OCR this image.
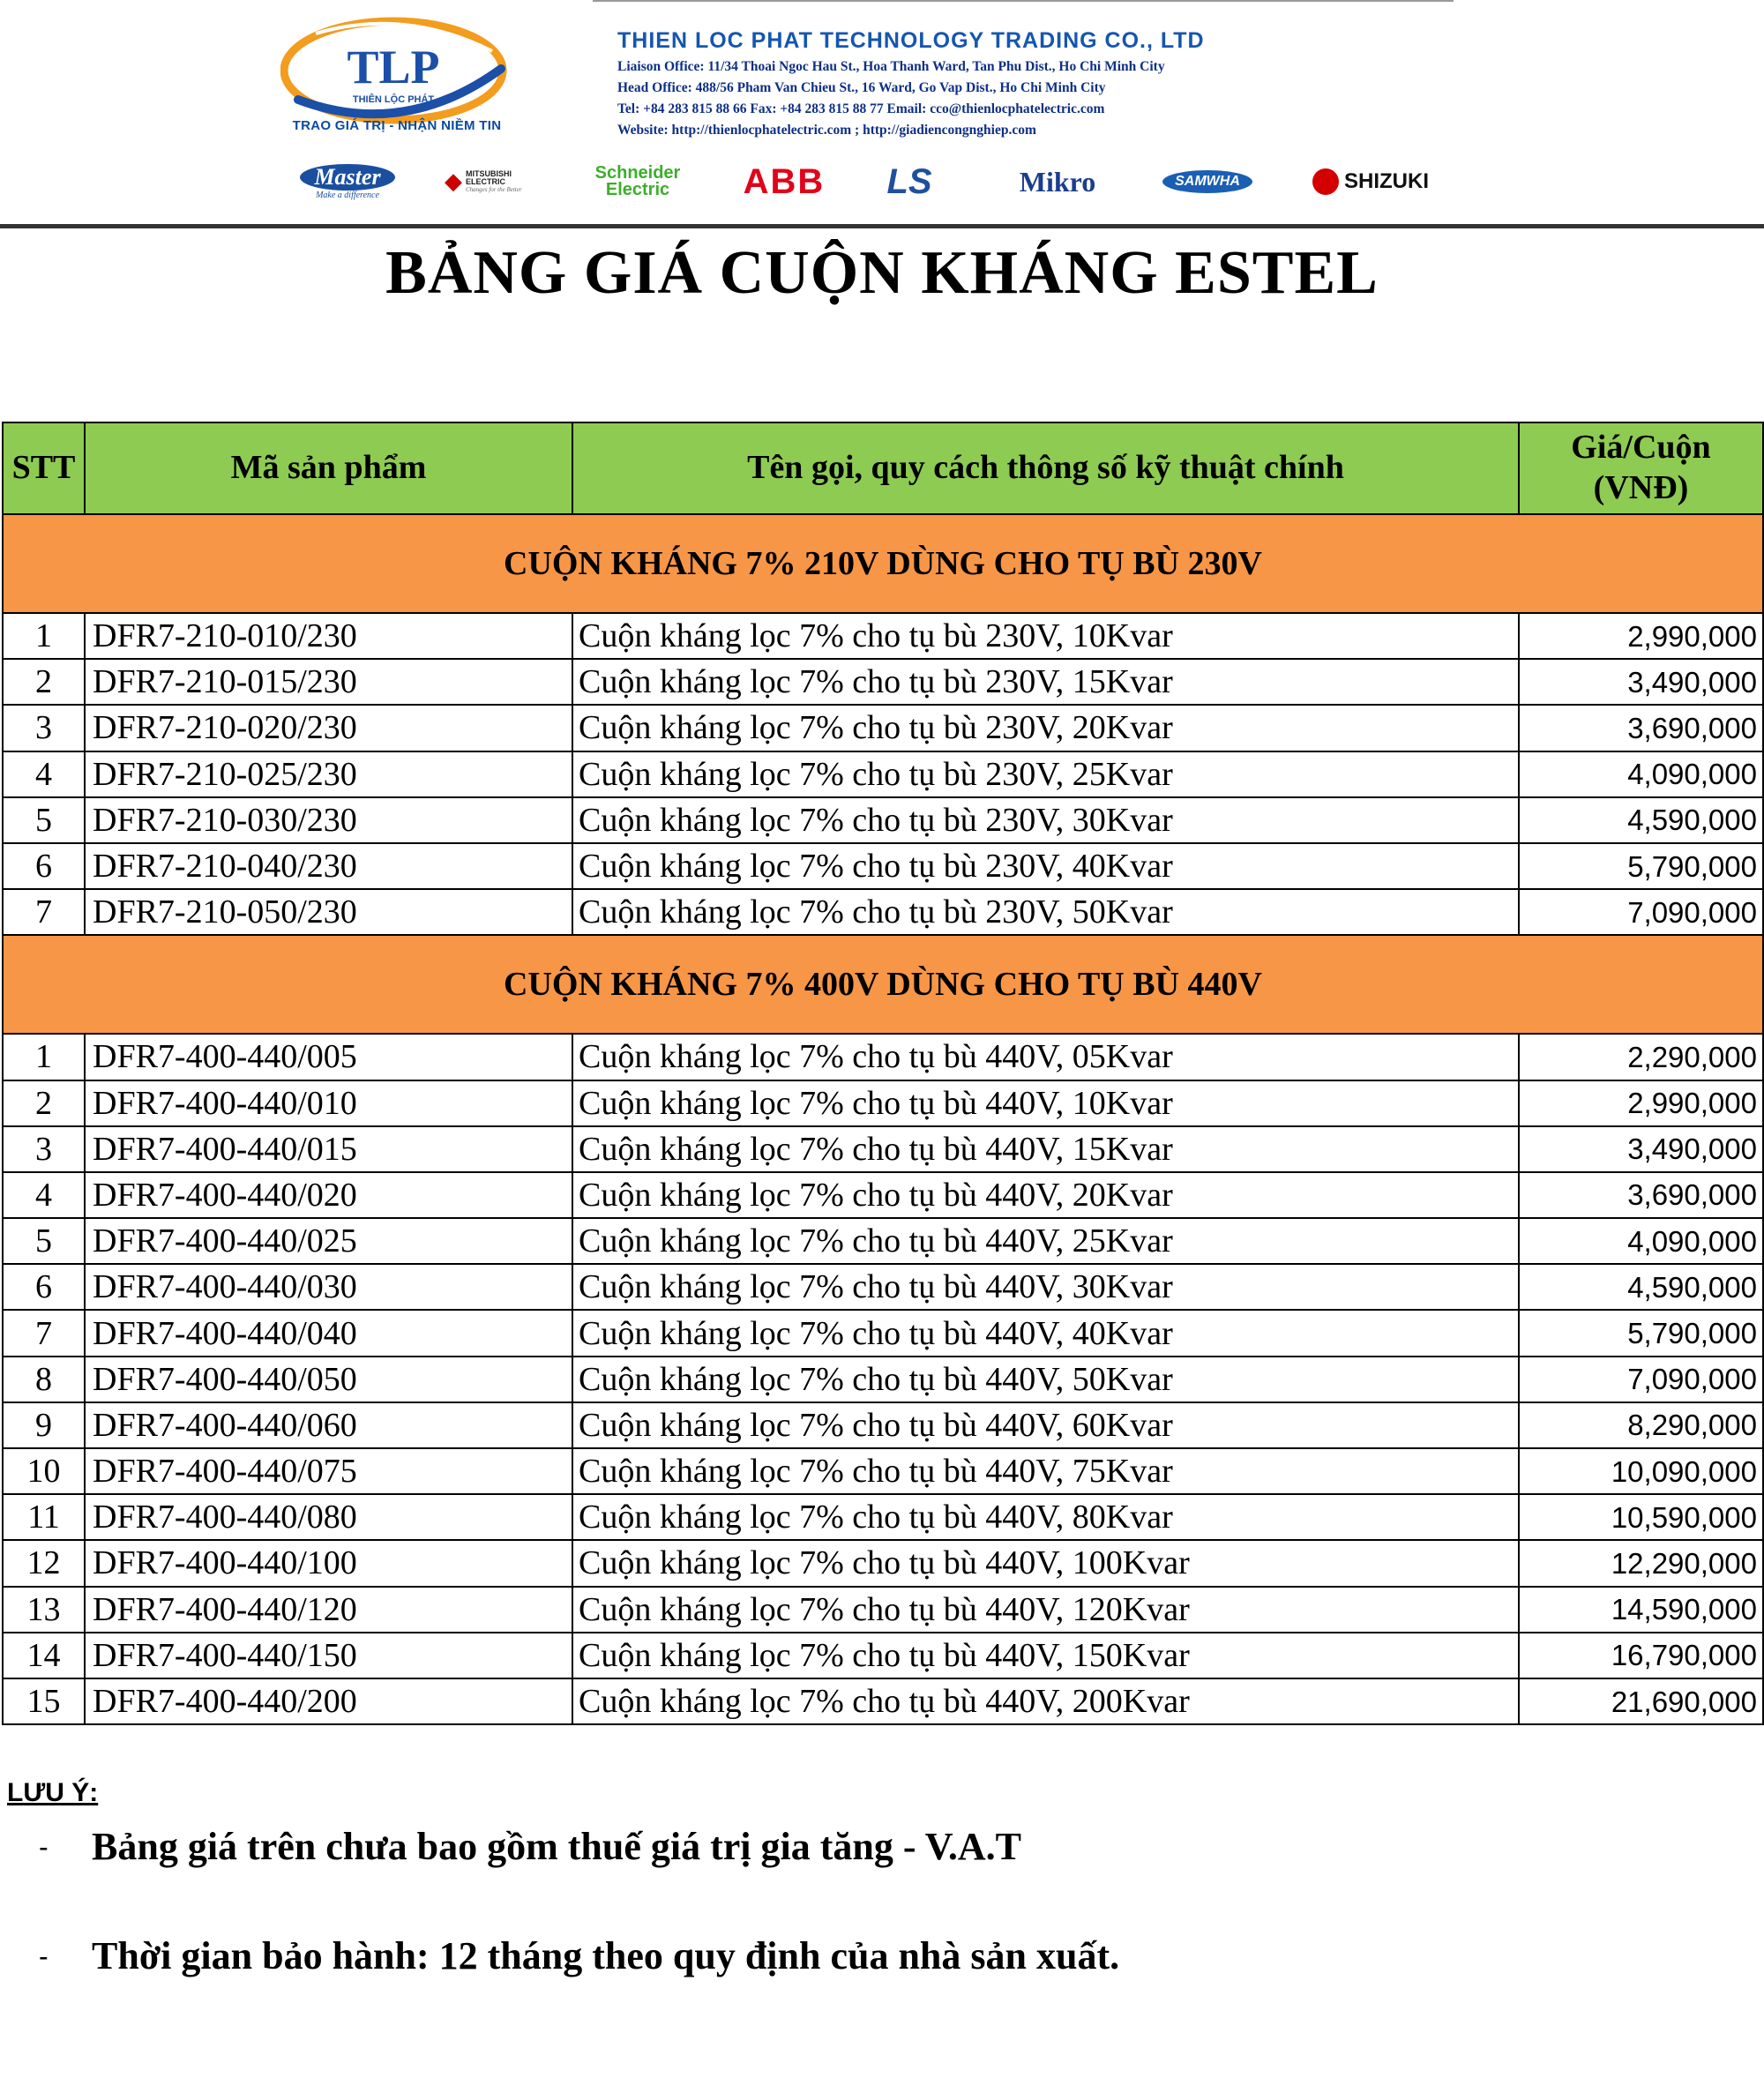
TLP
THIÊN LỘC PHÁT
TRAO GIÁ TRỊ - NHẬN NIỀM TIN
THIEN LOC PHAT TECHNOLOGY TRADING CO., LTD
Liaison Office: 11/34 Thoai Ngoc Hau St., Hoa Thanh Ward, Tan Phu Dist., Ho Chi Minh City
Head Office: 488/56 Pham Van Chieu St., 16 Ward, Go Vap Dist., Ho Chi Minh City
Tel: +84 283 815 88 66 Fax: +84 283 815 88 77 Email: cco@thienlocphatelectric.com
Website: http://thienlocphatelectric.com ; http://giadiencongnghiep.com
Master
Make a difference
◆ MITSUBISHI ELECTRIC
Changes for the Better
Schneider Electric	ABB LS	Mikro	SAMWHA	SHIZUKI
BẢNG GIÁ CUỘN KHÁNG ESTEL
STT	Mã sản phẩm	Tên gọi, quy cách thông số kỹ thuật chính	Giá/Cuộn (VNĐ)
CUỘN KHÁNG 7% 210V DÙNG CHO TỤ BÙ 230V			
1	DFR7-210-010/230	Cuộn kháng lọc 7% cho tụ bù 230V, 10Kvar	2,990,000
2	DFR7-210-015/230	Cuộn kháng lọc 7% cho tụ bù 230V, 15Kvar	3,490,000
3	DFR7-210-020/230	Cuộn kháng lọc 7% cho tụ bù 230V, 20Kvar	3,690,000
4	DFR7-210-025/230	Cuộn kháng lọc 7% cho tụ bù 230V, 25Kvar	4,090,000
5	DFR7-210-030/230	Cuộn kháng lọc 7% cho tụ bù 230V, 30Kvar	4,590,000
6	DFR7-210-040/230	Cuộn kháng lọc 7% cho tụ bù 230V, 40Kvar	5,790,000
7	DFR7-210-050/230	Cuộn kháng lọc 7% cho tụ bù 230V, 50Kvar	7,090,000
CUỘN KHÁNG 7% 400V DÙNG CHO TỤ BÙ 440V			
1	DFR7-400-440/005	Cuộn kháng lọc 7% cho tụ bù 440V, 05Kvar	2,290,000
2	DFR7-400-440/010	Cuộn kháng lọc 7% cho tụ bù 440V, 10Kvar	2,990,000
3	DFR7-400-440/015	Cuộn kháng lọc 7% cho tụ bù 440V, 15Kvar	3,490,000
4	DFR7-400-440/020	Cuộn kháng lọc 7% cho tụ bù 440V, 20Kvar	3,690,000
5	DFR7-400-440/025	Cuộn kháng lọc 7% cho tụ bù 440V, 25Kvar	4,090,000
6	DFR7-400-440/030	Cuộn kháng lọc 7% cho tụ bù 440V, 30Kvar	4,590,000
7	DFR7-400-440/040	Cuộn kháng lọc 7% cho tụ bù 440V, 40Kvar	5,790,000
8	DFR7-400-440/050	Cuộn kháng lọc 7% cho tụ bù 440V, 50Kvar	7,090,000
9	DFR7-400-440/060	Cuộn kháng lọc 7% cho tụ bù 440V, 60Kvar	8,290,000
10	DFR7-400-440/075	Cuộn kháng lọc 7% cho tụ bù 440V, 75Kvar	10,090,000
11	DFR7-400-440/080	Cuộn kháng lọc 7% cho tụ bù 440V, 80Kvar	10,590,000
12	DFR7-400-440/100	Cuộn kháng lọc 7% cho tụ bù 440V, 100Kvar	12,290,000
13	DFR7-400-440/120	Cuộn kháng lọc 7% cho tụ bù 440V, 120Kvar	14,590,000
14	DFR7-400-440/150	Cuộn kháng lọc 7% cho tụ bù 440V, 150Kvar	16,790,000
15	DFR7-400-440/200	Cuộn kháng lọc 7% cho tụ bù 440V, 200Kvar	21,690,000
LƯU Ý:
- Bảng giá trên chưa bao gồm thuế giá trị gia tăng - V.A.T
- Thời gian bảo hành: 12 tháng theo quy định của nhà sản xuất.
